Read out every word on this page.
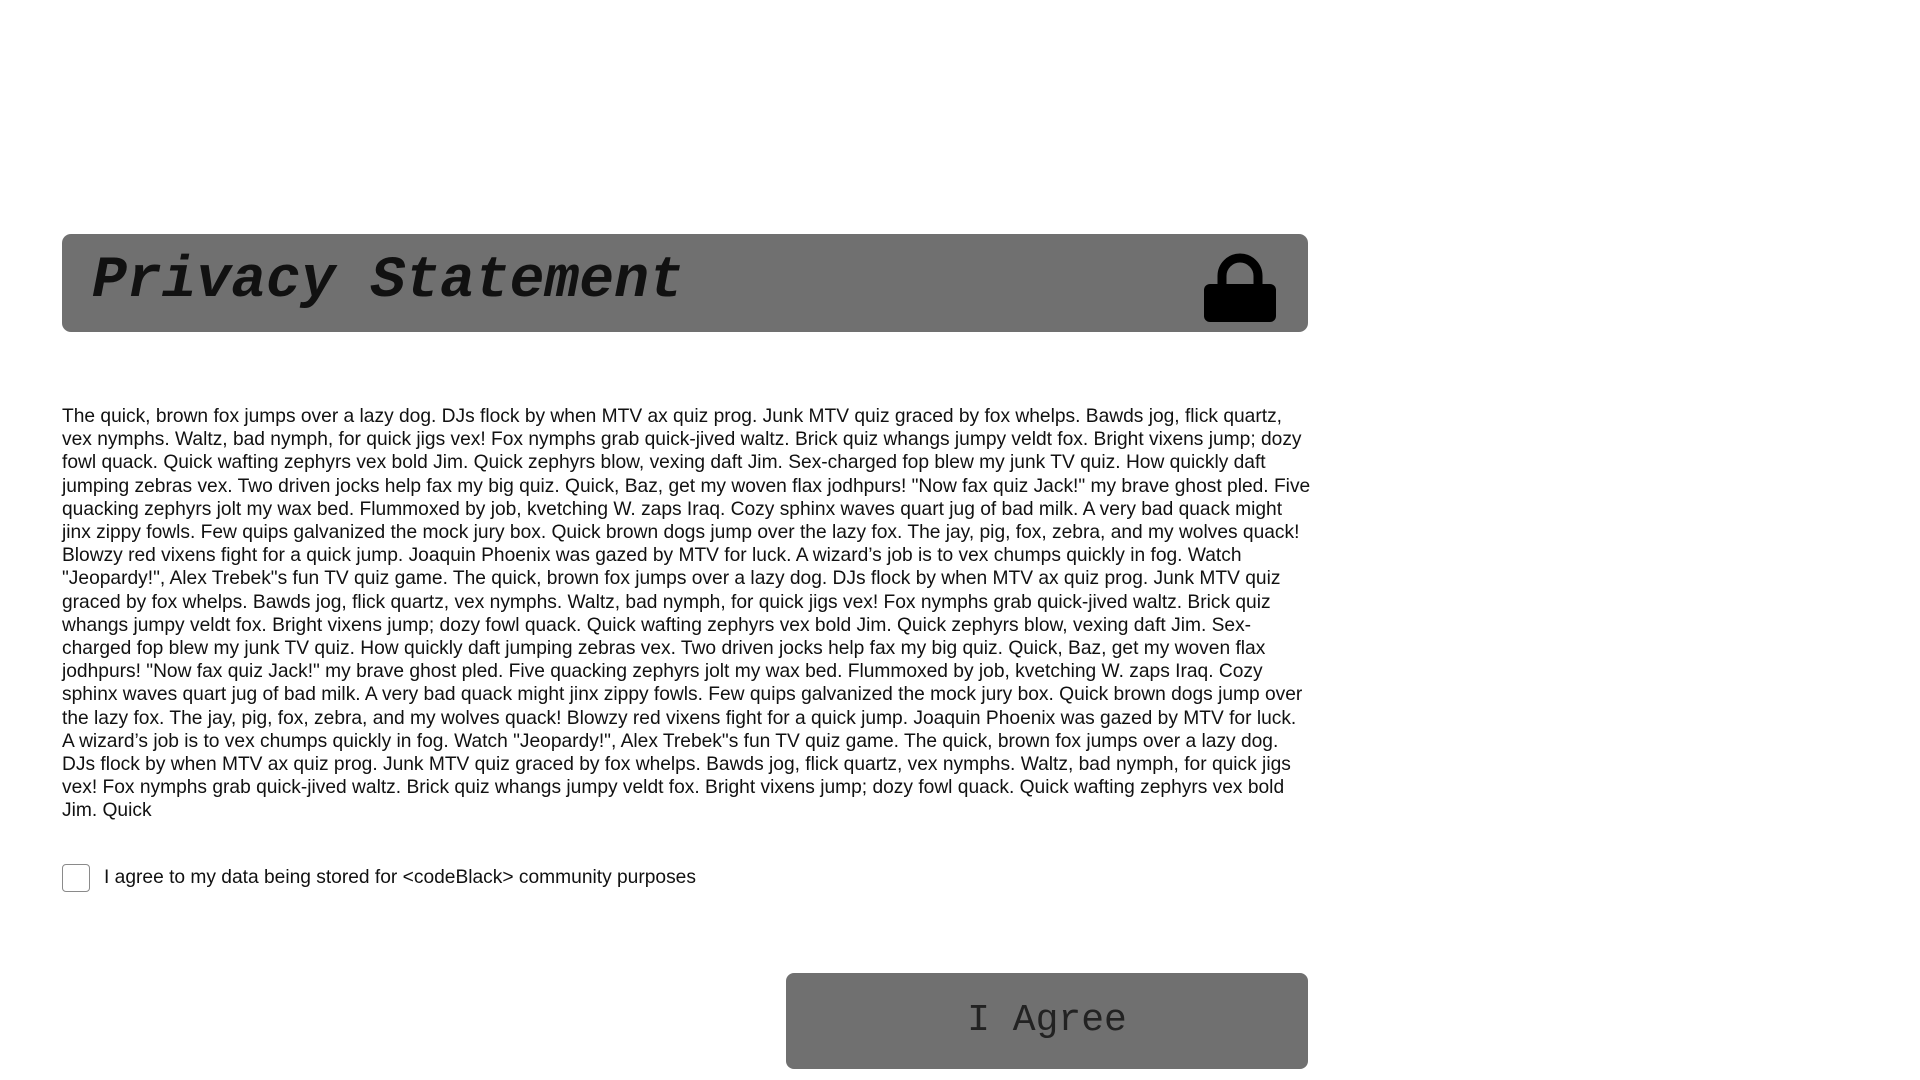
Privacy Statement

The quick, brown fox jumps over a lazy dog. DJs flock by when MTV ax quiz prog. Junk MTV quiz graced by fox whelps. Bawds jog, flick quartz, vex nymphs. Waltz, bad nymph, for quick jigs vex! Fox nymphs grab quick-jived waltz. Brick quiz whangs jumpy veldt fox. Bright vixens jump; dozy fowl quack. Quick wafting zephyrs vex bold Jim. Quick zephyrs blow, vexing daft Jim. Sex-charged fop blew my junk TV quiz. How quickly daft jumping zebras vex. Two driven jocks help fax my big quiz. Quick, Baz, get my woven flax jodhpurs! "Now fax quiz Jack!" my brave ghost pled. Five quacking zephyrs jolt my wax bed. Flummoxed by job, kvetching W. zaps Iraq. Cozy sphinx waves quart jug of bad milk. A very bad quack might jinx zippy fowls. Few quips galvanized the mock jury box. Quick brown dogs jump over the lazy fox. The jay, pig, fox, zebra, and my wolves quack! Blowzy red vixens fight for a quick jump. Joaquin Phoenix was gazed by MTV for luck. A wizard’s job is to vex chumps quickly in fog. Watch "Jeopardy!", Alex Trebek"s fun TV quiz game. The quick, brown fox jumps over a lazy dog. DJs flock by when MTV ax quiz prog. Junk MTV quiz graced by fox whelps. Bawds jog, flick quartz, vex nymphs. Waltz, bad nymph, for quick jigs vex! Fox nymphs grab quick-jived waltz. Brick quiz whangs jumpy veldt fox. Bright vixens jump; dozy fowl quack. Quick wafting zephyrs vex bold Jim. Quick zephyrs blow, vexing daft Jim. Sex-charged fop blew my junk TV quiz. How quickly daft jumping zebras vex. Two driven jocks help fax my big quiz. Quick, Baz, get my woven flax jodhpurs! "Now fax quiz Jack!" my brave ghost pled. Five quacking zephyrs jolt my wax bed. Flummoxed by job, kvetching W. zaps Iraq. Cozy sphinx waves quart jug of bad milk. A very bad quack might jinx zippy fowls. Few quips galvanized the mock jury box. Quick brown dogs jump over the lazy fox. The jay, pig, fox, zebra, and my wolves quack! Blowzy red vixens fight for a quick jump. Joaquin Phoenix was gazed by MTV for luck. A wizard’s job is to vex chumps quickly in fog. Watch "Jeopardy!", Alex Trebek"s fun TV quiz game. The quick, brown fox jumps over a lazy dog. DJs flock by when MTV ax quiz prog. Junk MTV quiz graced by fox whelps. Bawds jog, flick quartz, vex nymphs. Waltz, bad nymph, for quick jigs vex! Fox nymphs grab quick-jived waltz. Brick quiz whangs jumpy veldt fox. Bright vixens jump; dozy fowl quack. Quick wafting zephyrs vex bold Jim. Quick

I agree to my data being stored for <codeBlack> community purposes
I Agree
